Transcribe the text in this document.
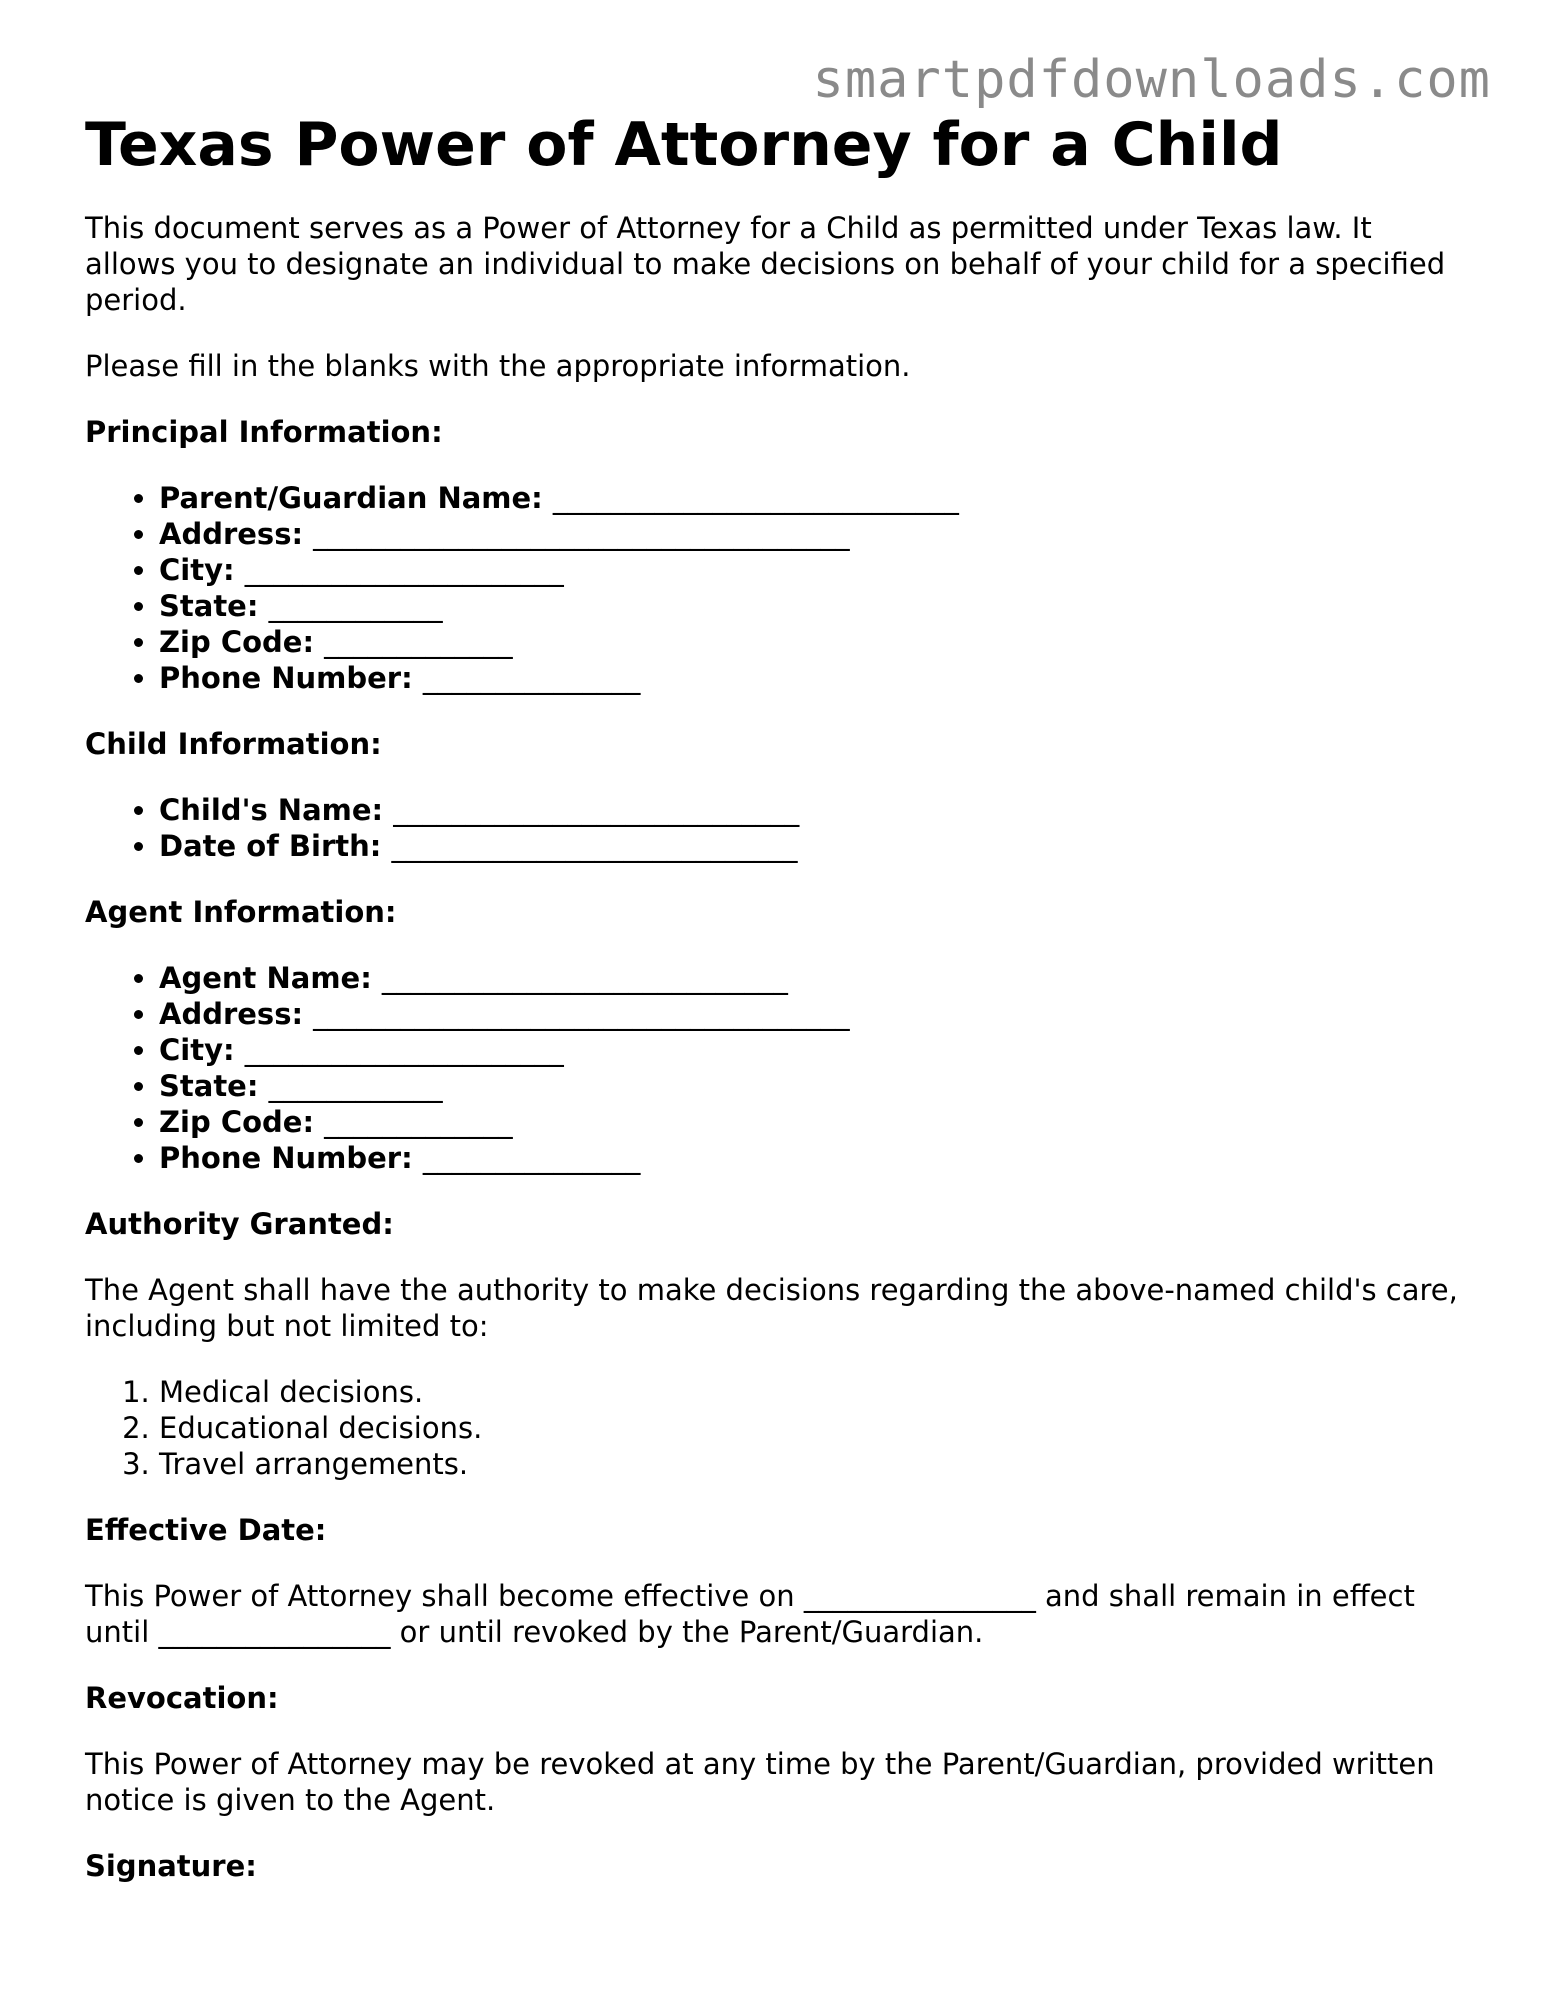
smartpdfdownloads.com
Texas Power of Attorney for a Child

This document serves as a Power of Attorney for a Child as permitted under Texas law. It allows you to designate an individual to make decisions on behalf of your child for a specified period.

Please fill in the blanks with the appropriate information.

Principal Information:
• Parent/Guardian Name: ____________________________
• Address: _____________________________________
• City: ______________________
• State: ____________
• Zip Code: _____________
• Phone Number: _______________
Child Information:
• Child's Name: ____________________________
• Date of Birth: ____________________________
Agent Information:
• Agent Name: ____________________________
• Address: _____________________________________
• City: ______________________
• State: ____________
• Zip Code: _____________
• Phone Number: _______________
Authority Granted:

The Agent shall have the authority to make decisions regarding the above-named child's care, including but not limited to:

1. Medical decisions.
2. Educational decisions.
3. Travel arrangements.
Effective Date:

This Power of Attorney shall become effective on ________________ and shall remain in effect until ________________ or until revoked by the Parent/Guardian.

Revocation:

This Power of Attorney may be revoked at any time by the Parent/Guardian, provided written notice is given to the Agent.

Signature:
